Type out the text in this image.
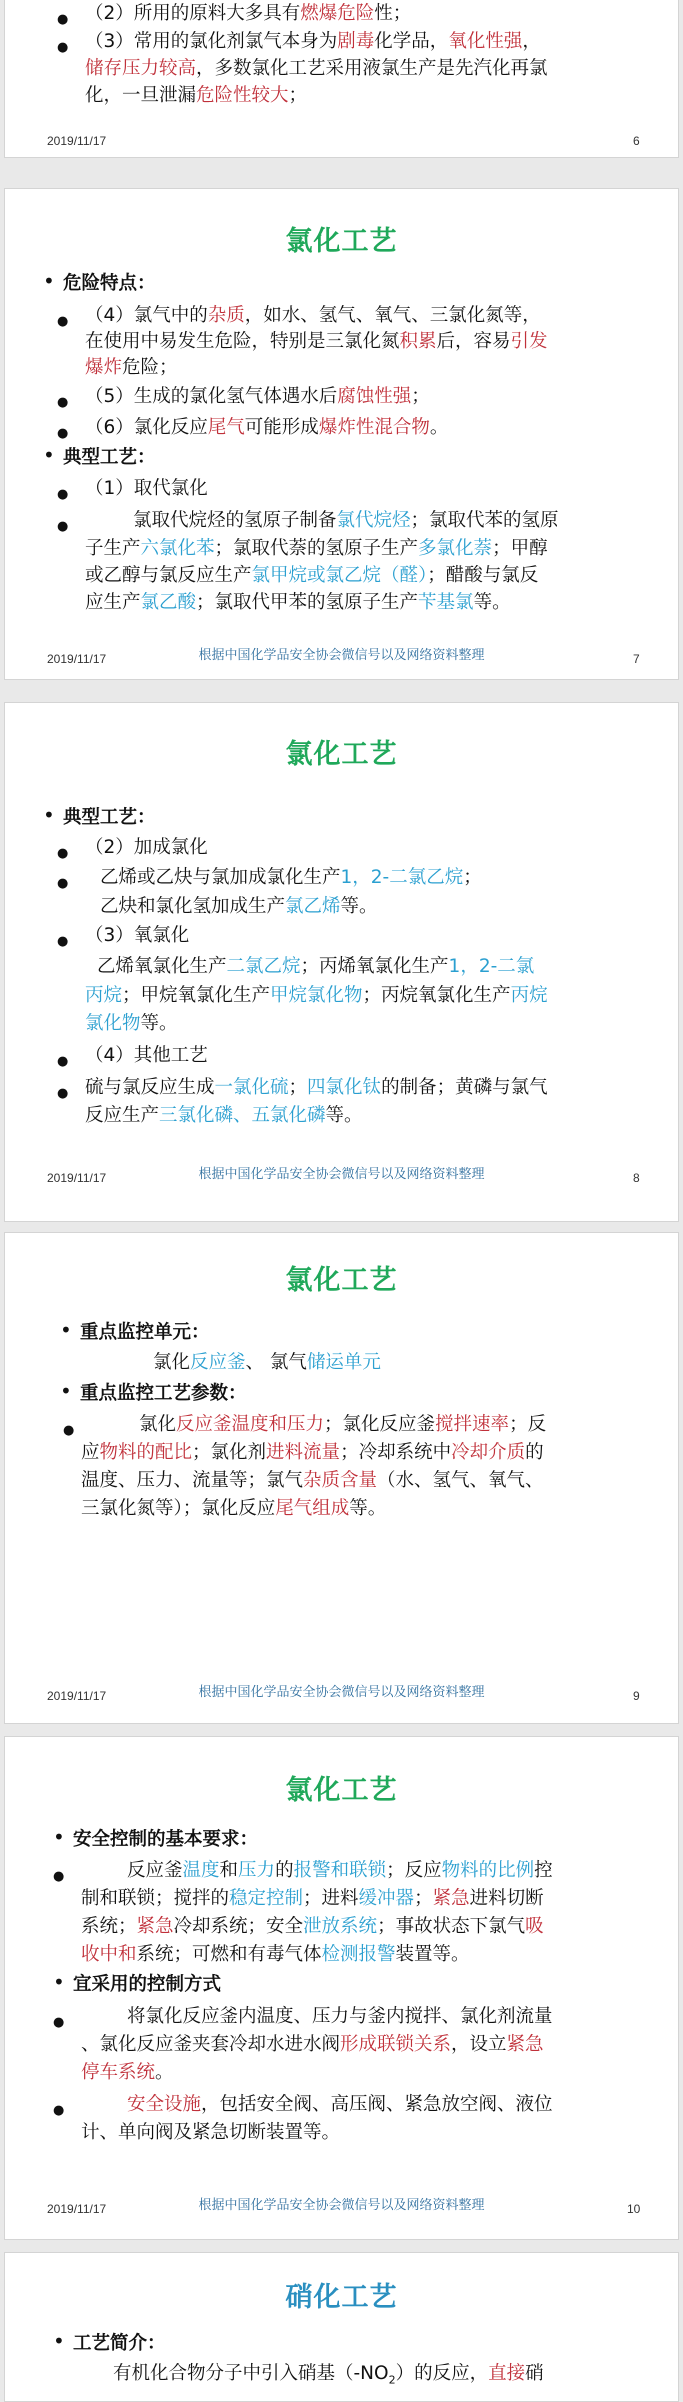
● （2）所用的原料大多具有燃爆危险性；
● （3）常用的氯化剂氯气本身为剧毒化学品，氧化性强，
储存压力较高，多数氯化工艺采用液氯生产是先汽化再氯
化，一旦泄漏危险性较大；
2019/11/17	6
氯化工艺
• 危险特点：
● （4）氯气中的杂质，如水、氢气、氧气、三氯化氮等，
在使用中易发生危险，特别是三氯化氮积累后，容易引发
爆炸危险；
● （5）生成的氯化氢气体遇水后腐蚀性强；
● （6）氯化反应尾气可能形成爆炸性混合物。
• 典型工艺：
● （1）取代氯化
●	氯取代烷烃的氢原子制备氯代烷烃；氯取代苯的氢原
子生产六氯化苯；氯取代萘的氢原子生产多氯化萘；甲醇
或乙醇与氯反应生产氯甲烷或氯乙烷（醛）；醋酸与氯反
应生产氯乙酸；氯取代甲苯的氢原子生产苄基氯等。
2019/11/17	根据中国化学品安全协会微信号以及网络资料整理	7
氯化工艺
• 典型工艺：
● （2）加成氯化
● 乙烯或乙炔与氯加成氯化生产1，2-二氯乙烷；
乙炔和氯化氢加成生产氯乙烯等。
● （3）氧氯化
乙烯氧氯化生产二氯乙烷；丙烯氧氯化生产1，2-二氯
丙烷；甲烷氧氯化生产甲烷氯化物；丙烷氧氯化生产丙烷
氯化物等。
● （4）其他工艺
● 硫与氯反应生成一氯化硫；四氯化钛的制备；黄磷与氯气
反应生产三氯化磷、五氯化磷等。
2019/11/17	根据中国化学品安全协会微信号以及网络资料整理	8
氯化工艺
• 重点监控单元：
氯化反应釜、 氯气储运单元
• 重点监控工艺参数：
●	氯化反应釜温度和压力；氯化反应釜搅拌速率；反
应物料的配比；氯化剂进料流量；冷却系统中冷却介质的
温度、压力、流量等；氯气杂质含量（水、氢气、氧气、
三氯化氮等）；氯化反应尾气组成等。
2019/11/17	根据中国化学品安全协会微信号以及网络资料整理	9
氯化工艺
• 安全控制的基本要求：
●	反应釜温度和压力的报警和联锁；反应物料的比例控
制和联锁；搅拌的稳定控制；进料缓冲器；紧急进料切断
系统；紧急冷却系统；安全泄放系统；事故状态下氯气吸
收中和系统；可燃和有毒气体检测报警装置等。
• 宜采用的控制方式
●	将氯化反应釜内温度、压力与釜内搅拌、氯化剂流量
、氯化反应釜夹套冷却水进水阀形成联锁关系，设立紧急
停车系统。
●	安全设施，包括安全阀、高压阀、紧急放空阀、液位
计、单向阀及紧急切断装置等。
2019/11/17	根据中国化学品安全协会微信号以及网络资料整理	10
硝化工艺
• 工艺简介：
有机化合物分子中引入硝基$(-NO_2)$的反应，直接硝
